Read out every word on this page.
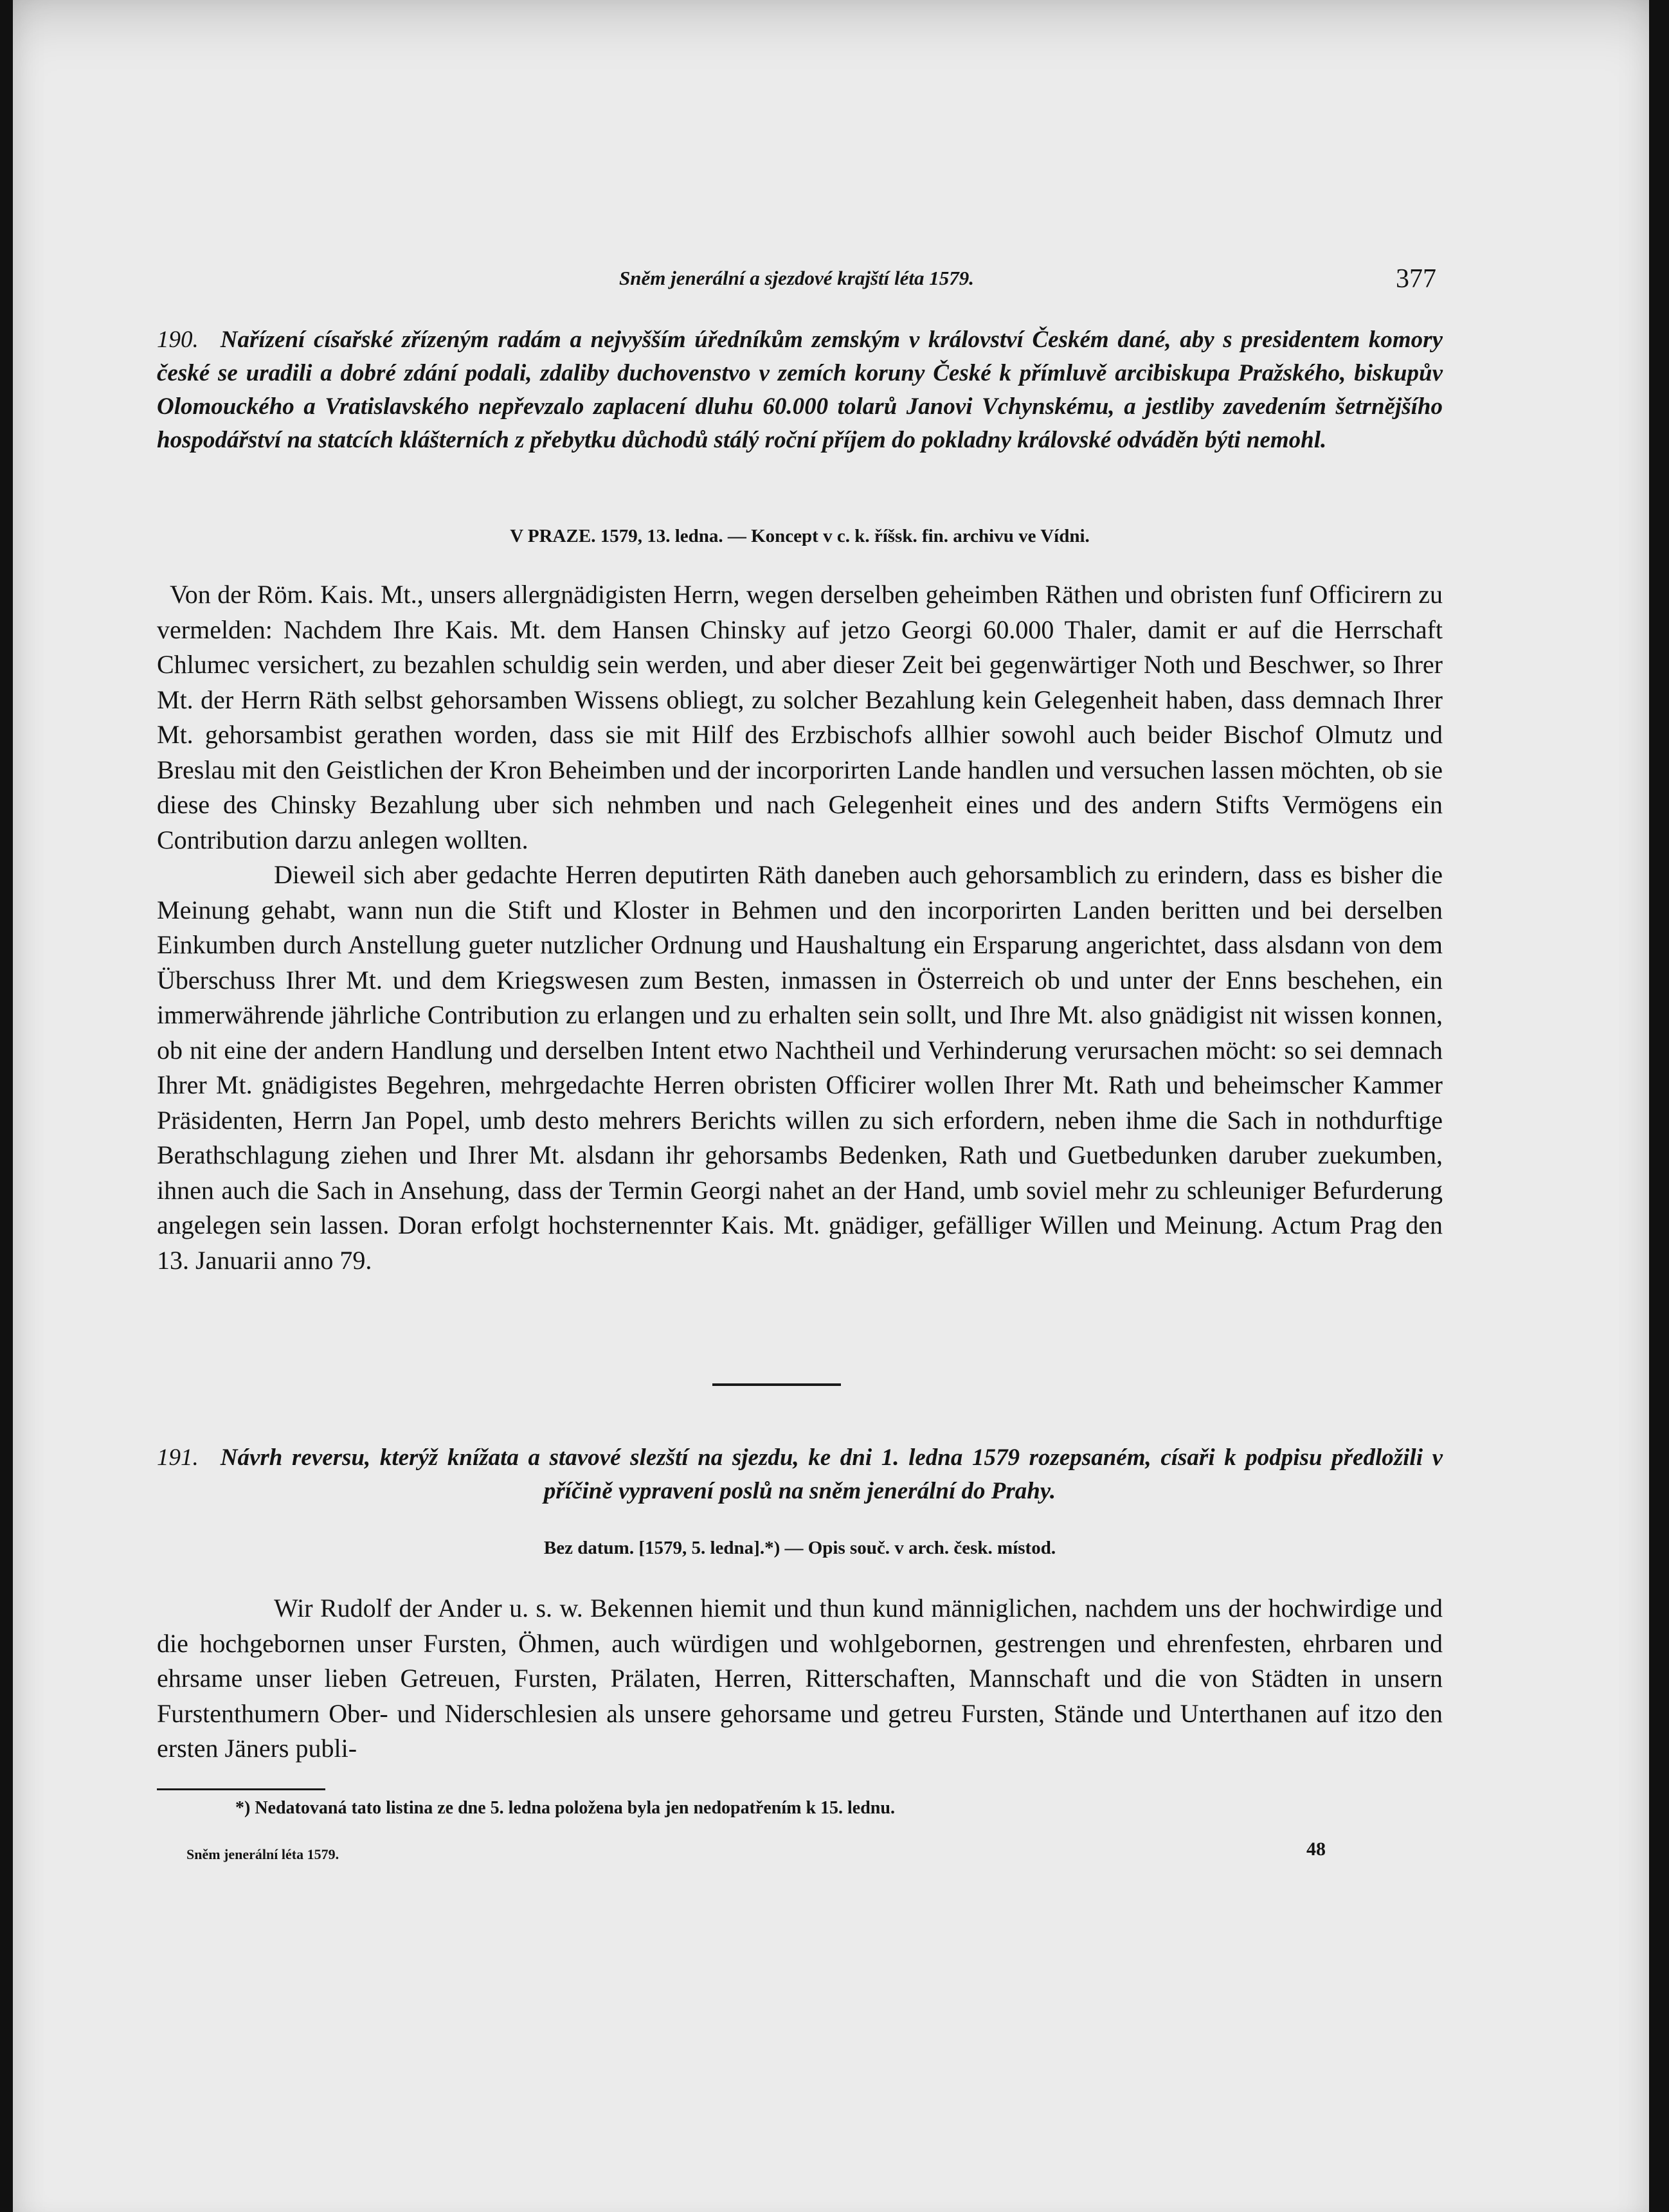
Sněm jenerální a sjezdové krajští léta 1579.	377
190. Nařízení císařské zřízeným radám a nejvyšším úředníkům zemským v království Českém dané, aby s presidentem komory české se uradili a dobré zdání podali, zdaliby duchovenstvo v zemích koruny České k přímluvě arcibiskupa Pražského, biskupův Olomouckého a Vratislavského nepřevzalo zaplacení dluhu 60.000 tolarů Janovi Vchynskému, a jestliby zavedením šetrnějšího hospodářství na statcích klášterních z přebytku důchodů stálý roční příjem do pokladny královské odváděn býti nemohl.
V PRAZE. 1579, 13. ledna. — Koncept v c. k. říšsk. fin. archivu ve Vídni.

Von der Röm. Kais. Mt., unsers allergnädigisten Herrn, wegen derselben geheimben Räthen und obristen funf Officirern zu vermelden: Nachdem Ihre Kais. Mt. dem Hansen Chinsky auf jetzo Georgi 60.000 Thaler, damit er auf die Herrschaft Chlumec versichert, zu bezahlen schuldig sein werden, und aber dieser Zeit bei gegenwärtiger Noth und Beschwer, so Ihrer Mt. der Herrn Räth selbst gehorsamben Wissens obliegt, zu solcher Bezahlung kein Gelegenheit haben, dass demnach Ihrer Mt. gehorsambist gerathen worden, dass sie mit Hilf des Erzbischofs allhier sowohl auch beider Bischof Olmutz und Breslau mit den Geistlichen der Kron Beheimben und der incorporirten Lande handlen und versuchen lassen möchten, ob sie diese des Chinsky Bezahlung uber sich nehmben und nach Gelegenheit eines und des andern Stifts Vermögens ein Contribution darzu anlegen wollten.

Dieweil sich aber gedachte Herren deputirten Räth daneben auch gehorsamblich zu erindern, dass es bisher die Meinung gehabt, wann nun die Stift und Kloster in Behmen und den incorporirten Landen beritten und bei derselben Einkumben durch Anstellung gueter nutzlicher Ordnung und Haushaltung ein Ersparung angerichtet, dass alsdann von dem Überschuss Ihrer Mt. und dem Kriegswesen zum Besten, inmassen in Österreich ob und unter der Enns beschehen, ein immerwährende jährliche Contribution zu erlangen und zu erhalten sein sollt, und Ihre Mt. also gnädigist nit wissen konnen, ob nit eine der andern Handlung und derselben Intent etwo Nachtheil und Verhinderung verursachen möcht: so sei demnach Ihrer Mt. gnädigistes Begehren, mehrgedachte Herren obristen Officirer wollen Ihrer Mt. Rath und beheimscher Kammer Präsidenten, Herrn Jan Popel, umb desto mehrers Berichts willen zu sich erfordern, neben ihme die Sach in nothdurftige Berathschlagung ziehen und Ihrer Mt. alsdann ihr gehorsambs Bedenken, Rath und Guetbedunken daruber zuekumben, ihnen auch die Sach in Ansehung, dass der Termin Georgi nahet an der Hand, umb soviel mehr zu schleuniger Befurderung angelegen sein lassen. Doran erfolgt hochsternennter Kais. Mt. gnädiger, gefälliger Willen und Meinung. Actum Prag den 13. Januarii anno 79.

191. Návrh reversu, kterýž knížata a stavové slezští na sjezdu, ke dni 1. ledna 1579 rozepsaném, císaři k podpisu předložili v příčině vypravení poslů na sněm jenerální do Prahy.
Bez datum. [1579, 5. ledna].*) — Opis souč. v arch. česk. místod.

Wir Rudolf der Ander u. s. w. Bekennen hiemit und thun kund männiglichen, nachdem uns der hochwirdige und die hochgebornen unser Fursten, Öhmen, auch würdigen und wohlgebornen, gestrengen und ehrenfesten, ehrbaren und ehrsame unser lieben Getreuen, Fursten, Prälaten, Herren, Ritterschaften, Mannschaft und die von Städten in unsern Furstenthumern Ober- und Niderschlesien als unsere gehorsame und getreu Fursten, Stände und Unterthanen auf itzo den ersten Jäners publi-

*) Nedatovaná tato listina ze dne 5. ledna položena byla jen nedopatřením k 15. lednu.
Sněm jenerální léta 1579.	48
